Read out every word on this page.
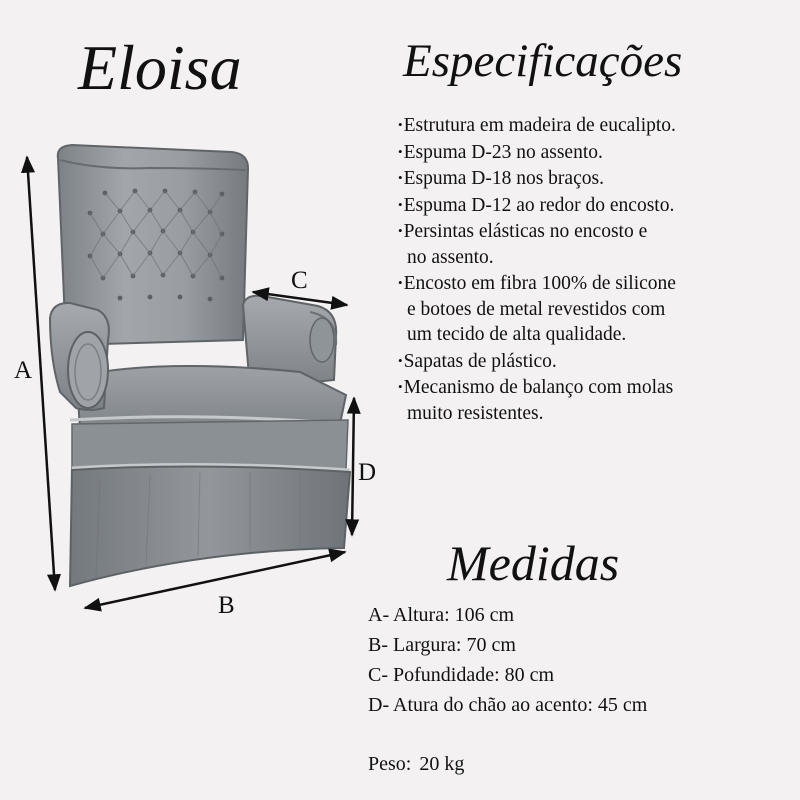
A
B
C
D
Eloisa	Especificações
•Estrutura em madeira de eucalipto.
•Espuma D-23 no assento.
•Espuma D-18 nos braços.
•Espuma D-12 ao redor do encosto.
•Persintas elásticas no encosto e
no assento.
•Encosto em fibra 100% de silicone
e botoes de metal revestidos com
um tecido de alta qualidade.
•Sapatas de plástico.
•Mecanismo de balanço com molas
muito resistentes.
Medidas
A- Altura: 106 cm
B- Largura: 70 cm
C- Pofundidade: 80 cm
D- Atura do chão ao acento: 45 cm
Peso: 20 kg
